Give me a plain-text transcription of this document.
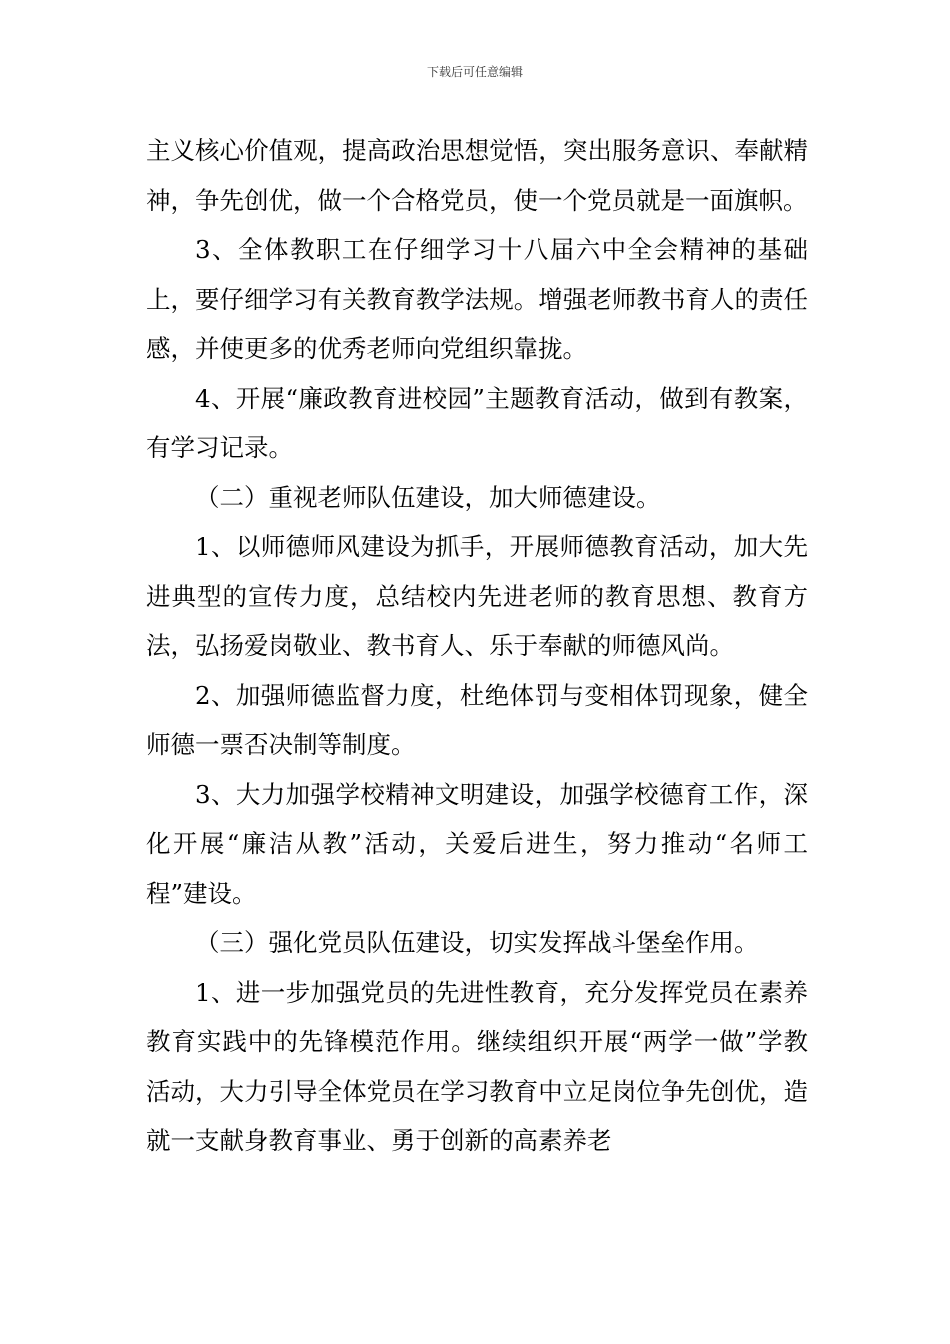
下载后可任意编辑

主义核心价值观，提高政治思想觉悟，突出服务意识、奉献精神，争先创优，做一个合格党员，使一个党员就是一面旗帜。

3、全体教职工在仔细学习十八届六中全会精神的基础上，要仔细学习有关教育教学法规。增强老师教书育人的责任感，并使更多的优秀老师向党组织靠拢。

4、开展“廉政教育进校园”主题教育活动，做到有教案，有学习记录。

（二）重视老师队伍建设，加大师德建设。

1、以师德师风建设为抓手，开展师德教育活动，加大先进典型的宣传力度，总结校内先进老师的教育思想、教育方法，弘扬爱岗敬业、教书育人、乐于奉献的师德风尚。

2、加强师德监督力度，杜绝体罚与变相体罚现象，健全师德一票否决制等制度。

3、大力加强学校精神文明建设，加强学校德育工作，深化开展“廉洁从教”活动，关爱后进生，努力推动“名师工程”建设。

（三）强化党员队伍建设，切实发挥战斗堡垒作用。

1、进一步加强党员的先进性教育，充分发挥党员在素养教育实践中的先锋模范作用。继续组织开展“两学一做”学教活动，大力引导全体党员在学习教育中立足岗位争先创优，造就一支献身教育事业、勇于创新的高素养老
